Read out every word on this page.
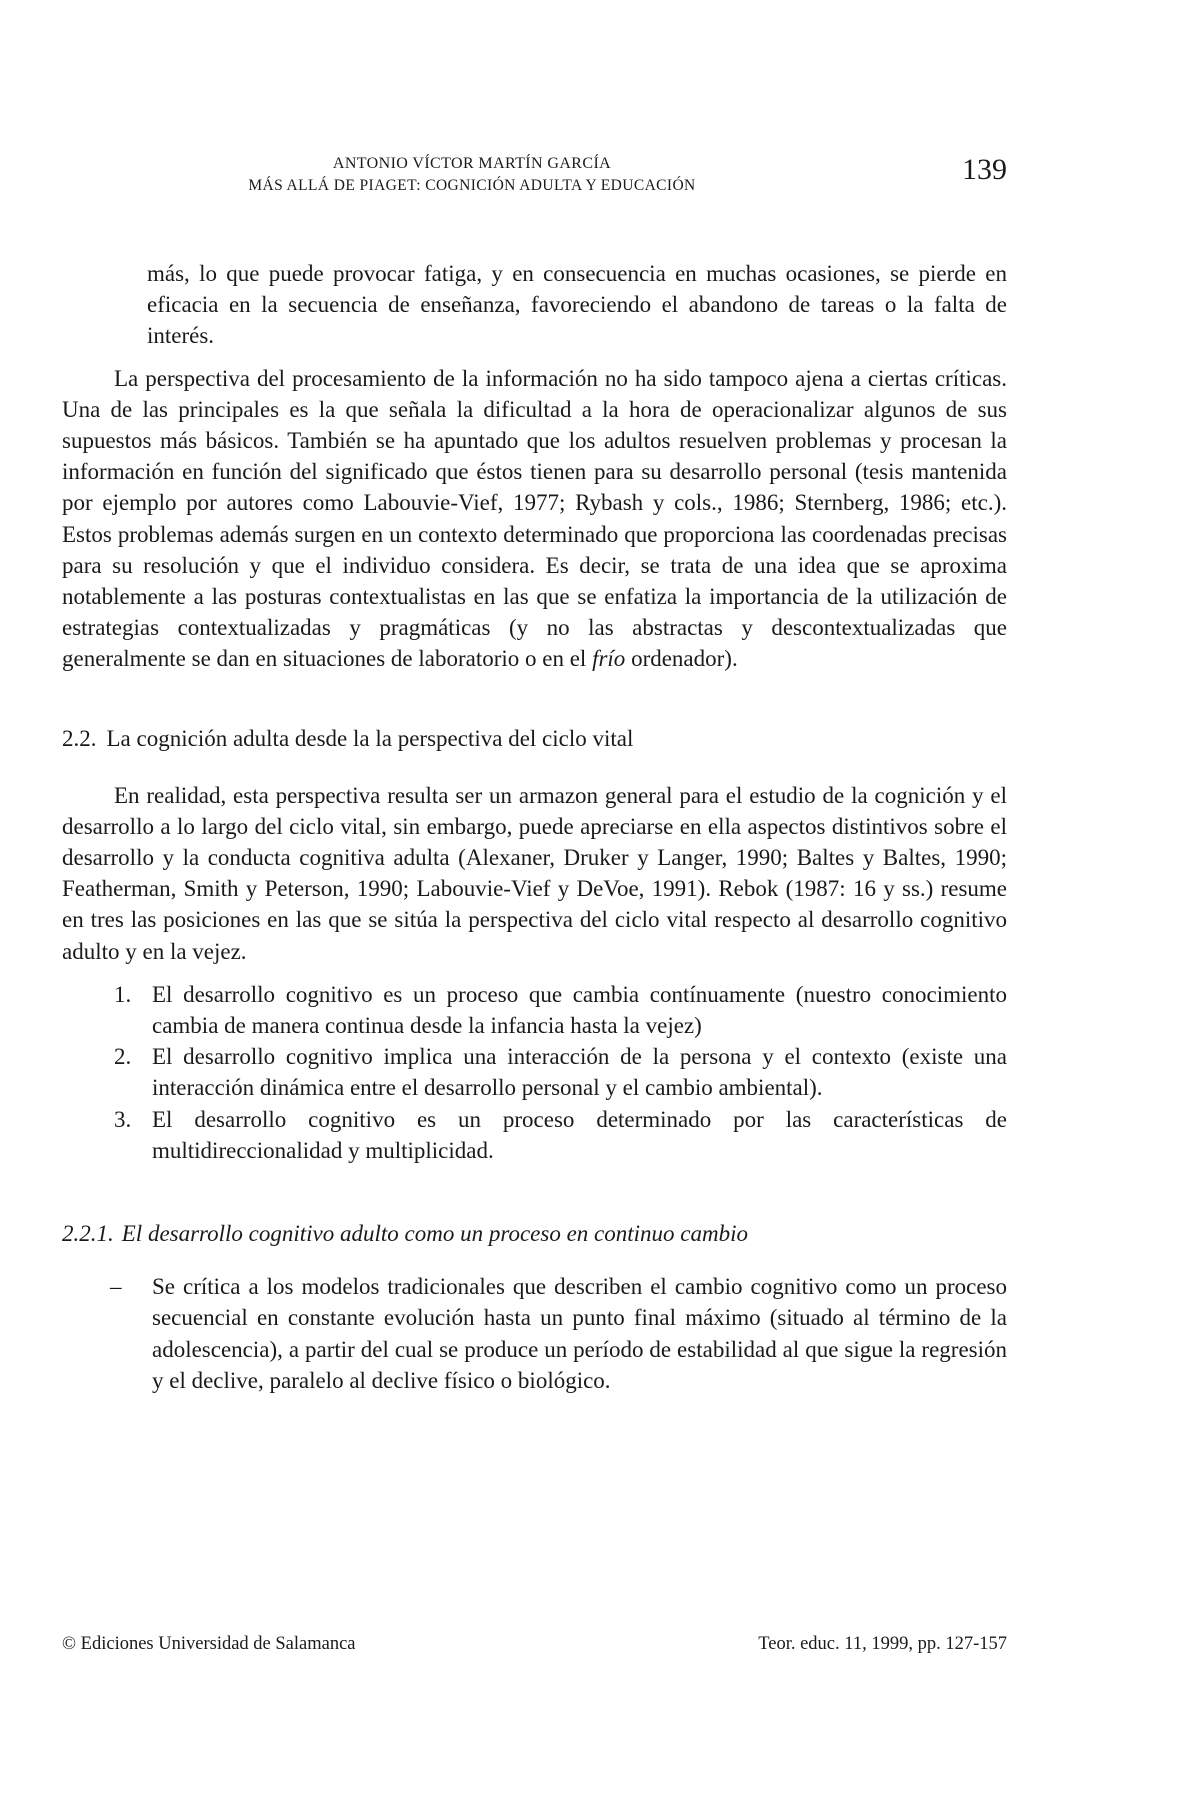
ANTONIO VÍCTOR MARTÍN GARCÍA
MÁS ALLÁ DE PIAGET: COGNICIÓN ADULTA Y EDUCACIÓN	139

más, lo que puede provocar fatiga, y en consecuencia en muchas ocasiones, se pierde en eficacia en la secuencia de enseñanza, favoreciendo el abandono de tareas o la falta de interés.

La perspectiva del procesamiento de la información no ha sido tampoco ajena a ciertas críticas. Una de las principales es la que señala la dificultad a la hora de operacionalizar algunos de sus supuestos más básicos. También se ha apuntado que los adultos resuelven problemas y procesan la información en función del significado que éstos tienen para su desarrollo personal (tesis mantenida por ejemplo por autores como Labouvie-Vief, 1977; Rybash y cols., 1986; Sternberg, 1986; etc.). Estos problemas además surgen en un contexto determinado que proporciona las coordenadas precisas para su resolución y que el individuo considera. Es decir, se trata de una idea que se aproxima notablemente a las posturas contextualistas en las que se enfatiza la importancia de la utilización de estrategias contextualizadas y pragmáticas (y no las abstractas y descontextualizadas que generalmente se dan en situaciones de laboratorio o en el frío ordenador).

2.2. La cognición adulta desde la la perspectiva del ciclo vital

En realidad, esta perspectiva resulta ser un armazon general para el estudio de la cognición y el desarrollo a lo largo del ciclo vital, sin embargo, puede apreciarse en ella aspectos distintivos sobre el desarrollo y la conducta cognitiva adulta (Alexaner, Druker y Langer, 1990; Baltes y Baltes, 1990; Featherman, Smith y Peterson, 1990; Labouvie-Vief y DeVoe, 1991). Rebok (1987: 16 y ss.) resume en tres las posiciones en las que se sitúa la perspectiva del ciclo vital respecto al desarrollo cognitivo adulto y en la vejez.

1. El desarrollo cognitivo es un proceso que cambia contínuamente (nuestro conocimiento cambia de manera continua desde la infancia hasta la vejez)
2. El desarrollo cognitivo implica una interacción de la persona y el contexto (existe una interacción dinámica entre el desarrollo personal y el cambio ambiental).
3. El desarrollo cognitivo es un proceso determinado por las características de multidireccionalidad y multiplicidad.

2.2.1. El desarrollo cognitivo adulto como un proceso en continuo cambio

– Se crítica a los modelos tradicionales que describen el cambio cognitivo como un proceso secuencial en constante evolución hasta un punto final máximo (situado al término de la adolescencia), a partir del cual se produce un período de estabilidad al que sigue la regresión y el declive, paralelo al declive físico o biológico.
© Ediciones Universidad de Salamanca	Teor. educ. 11, 1999, pp. 127-157
